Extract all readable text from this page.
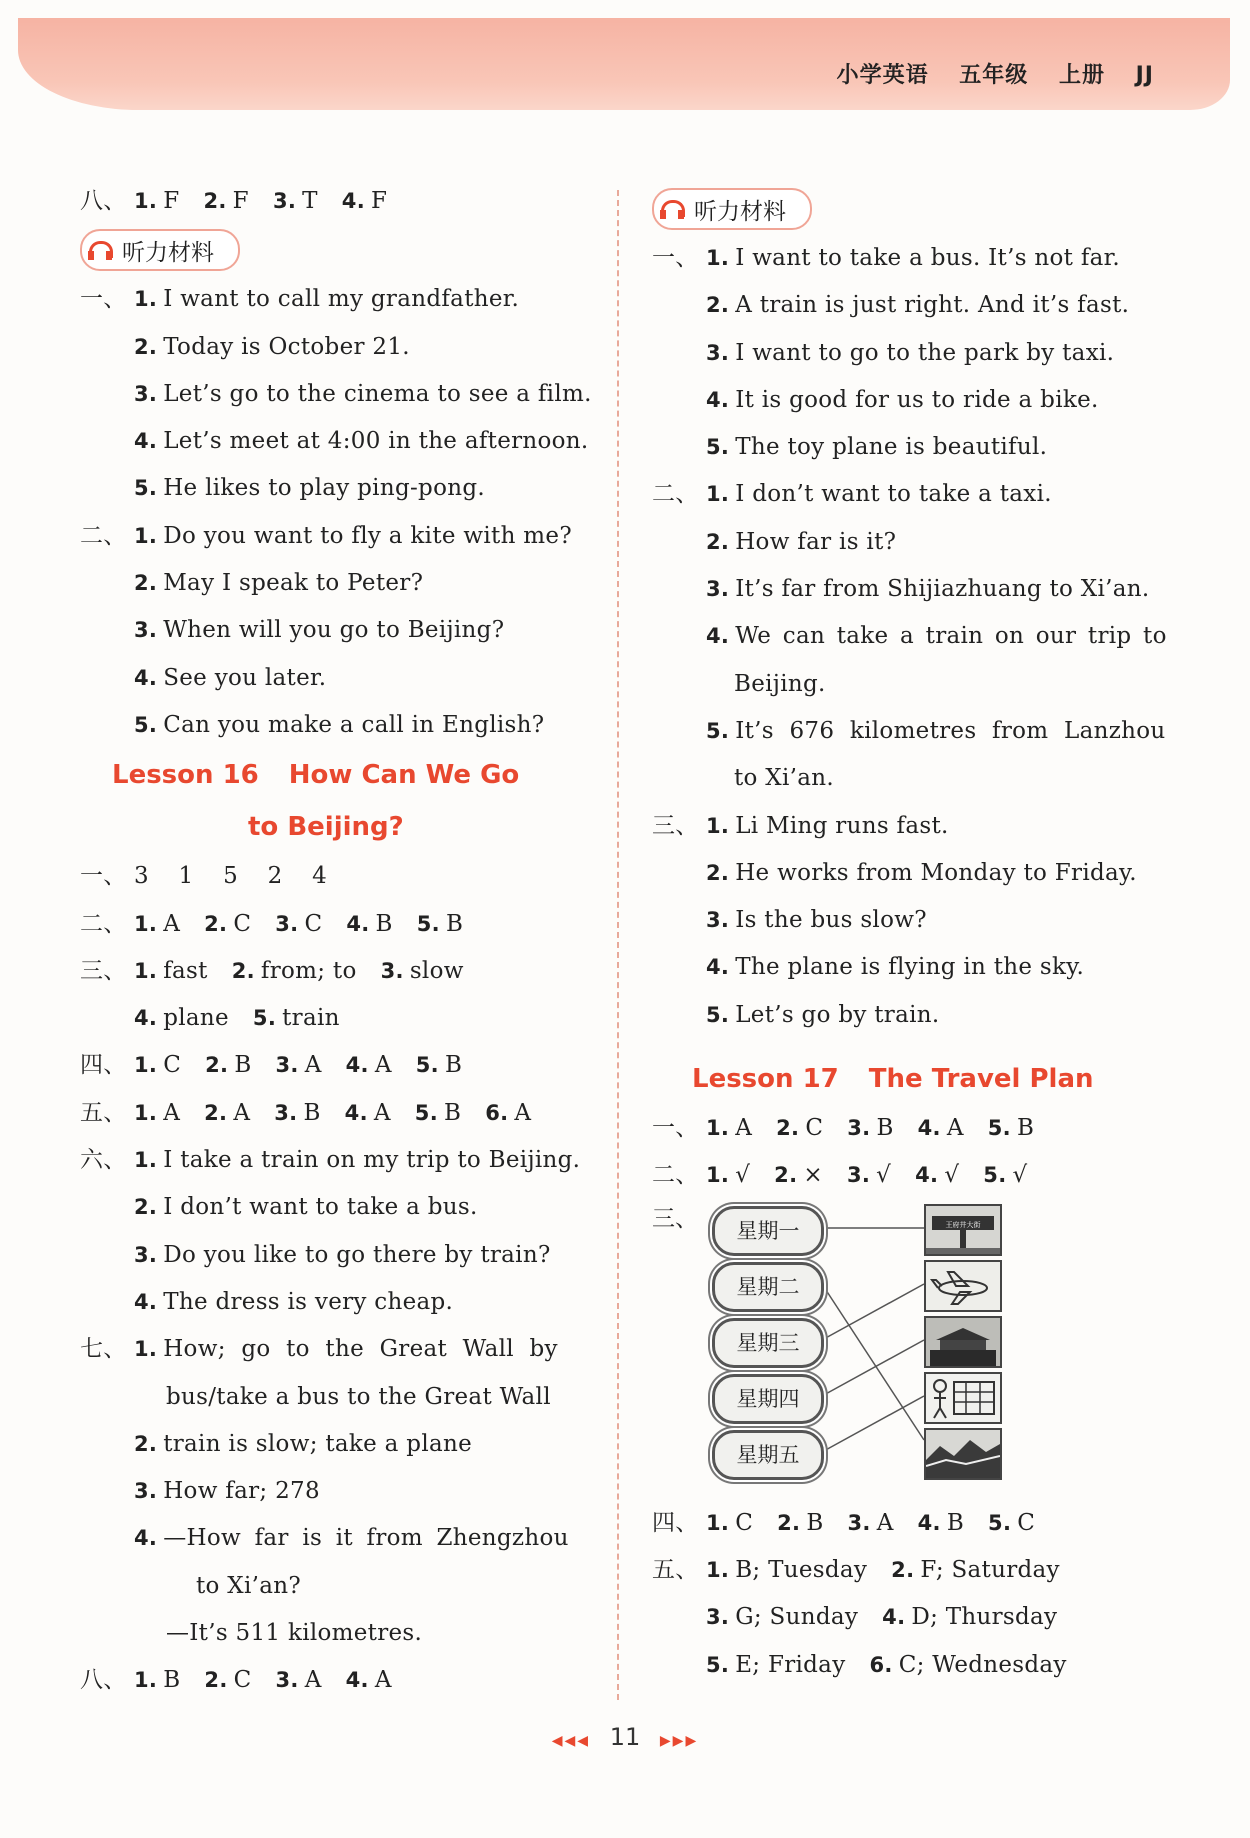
小学英语 五年级 上册 JJ
八、 1. F 2. F 3. T 4. F
听力材料
一、 1. I want to call my grandfather.
2. Today is October 21.
3. Let’s go to the cinema to see a film.
4. Let’s meet at 4:00 in the afternoon.
5. He likes to play ping-pong.
二、 1. Do you want to fly a kite with me?
2. May I speak to Peter?
3. When will you go to Beijing?
4. See you later.
5. Can you make a call in English?
Lesson 16 How Can We Go
to Beijing?
一、 3 1 5 2 4
二、 1. A 2. C 3. C 4. B 5. B
三、 1. fast 2. from; to 3. slow
4. plane 5. train
四、 1. C 2. B 3. A 4. A 5. B
五、 1. A 2. A 3. B 4. A 5. B 6. A
六、 1. I take a train on my trip to Beijing.
2. I don’t want to take a bus.
3. Do you like to go there by train?
4. The dress is very cheap.
七、 1. How; go to the Great Wall by
bus/take a bus to the Great Wall
2. train is slow; take a plane
3. How far; 278
4. —How far is it from Zhengzhou
to Xi’an?
—It’s 511 kilometres.
八、 1. B 2. C 3. A 4. A
听力材料
一、 1. I want to take a bus. It’s not far.
2. A train is just right. And it’s fast.
3. I want to go to the park by taxi.
4. It is good for us to ride a bike.
5. The toy plane is beautiful.
二、 1. I don’t want to take a taxi.
2. How far is it?
3. It’s far from Shijiazhuang to Xi’an.
4. We can take a train on our trip to
Beijing.
5. It’s 676 kilometres from Lanzhou
to Xi’an.
三、 1. Li Ming runs fast.
2. He works from Monday to Friday.
3. Is the bus slow?
4. The plane is flying in the sky.
5. Let’s go by train.
Lesson 17 The Travel Plan
一、 1. A 2. C 3. B 4. A 5. B
二、 1. √ 2. × 3. √ 4. √ 5. √
三、	星期一
星期二
星期三
星期四
星期五
王府井大街
四、 1. C 2. B 3. A 4. B 5. C
五、 1. B; Tuesday 2. F; Saturday
3. G; Sunday 4. D; Thursday
5. E; Friday 6. C; Wednesday
◀◀◀ 11 ▶▶▶
